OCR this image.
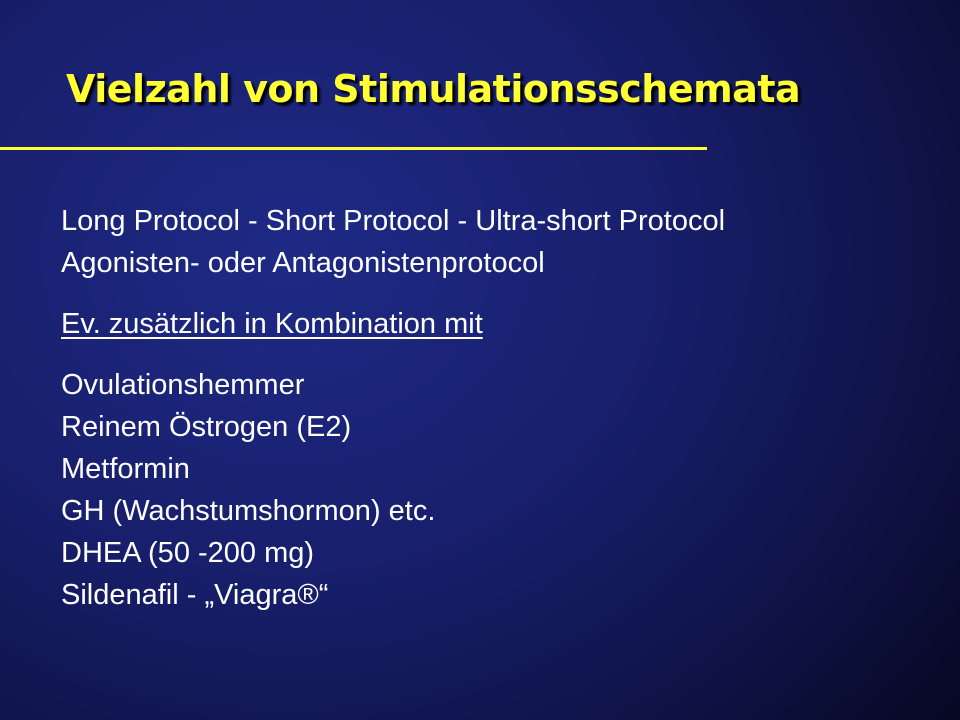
Vielzahl von Stimulationsschemata
Long Protocol - Short Protocol - Ultra-short Protocol
Agonisten- oder Antagonistenprotocol
Ev. zusätzlich in Kombination mit
Ovulationshemmer
Reinem Östrogen (E2)
Metformin
GH (Wachstumshormon) etc.
DHEA (50 -200 mg)
Sildenafil - „Viagra®“
